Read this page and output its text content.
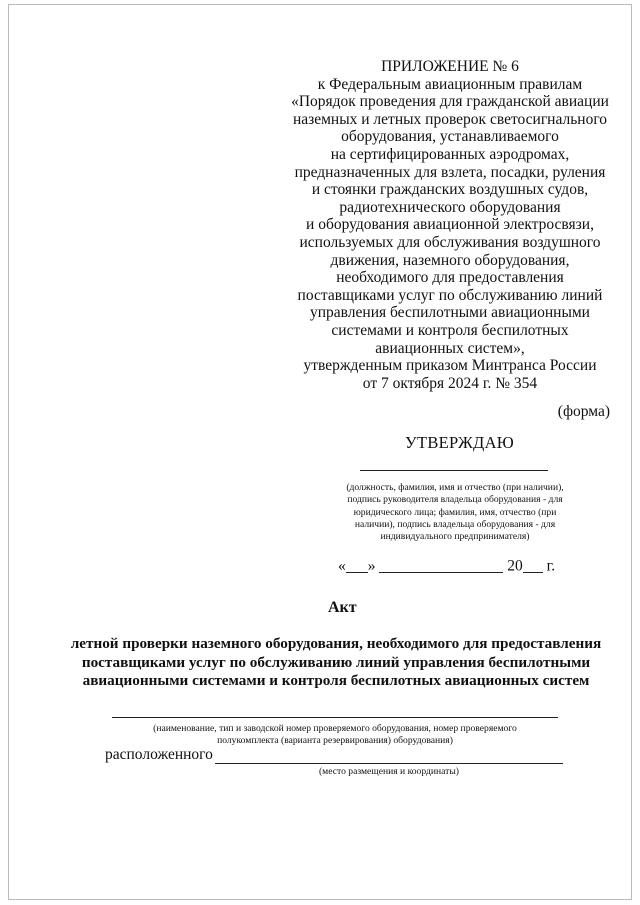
ПРИЛОЖЕНИЕ № 6
к Федеральным авиационным правилам
«Порядок проведения для гражданской авиации
наземных и летных проверок светосигнального
оборудования, устанавливаемого
на сертифицированных аэродромах,
предназначенных для взлета, посадки, руления
и стоянки гражданских воздушных судов,
радиотехнического оборудования
и оборудования авиационной электросвязи,
используемых для обслуживания воздушного
движения, наземного оборудования,
необходимого для предоставления
поставщиками услуг по обслуживанию линий
управления беспилотными авиационными
системами и контроля беспилотных
авиационных систем»,
утвержденным приказом Минтранса России
от 7 октября 2024 г. № 354
(форма)
УТВЕРЖДАЮ
(должность, фамилия, имя и отчество (при наличии),
подпись руководителя владельца оборудования - для
юридического лица; фамилия, имя, отчество (при
наличии), подпись владельца оборудования - для
индивидуального предпринимателя)
« »	20 г.
Акт
летной проверки наземного оборудования, необходимого для предоставления
поставщиками услуг по обслуживанию линий управления беспилотными
авиационными системами и контроля беспилотных авиационных систем
(наименование, тип и заводской номер проверяемого оборудования, номер проверяемого
полукомплекта (варианта резервирования) оборудования)
расположенного
(место размещения и координаты)
